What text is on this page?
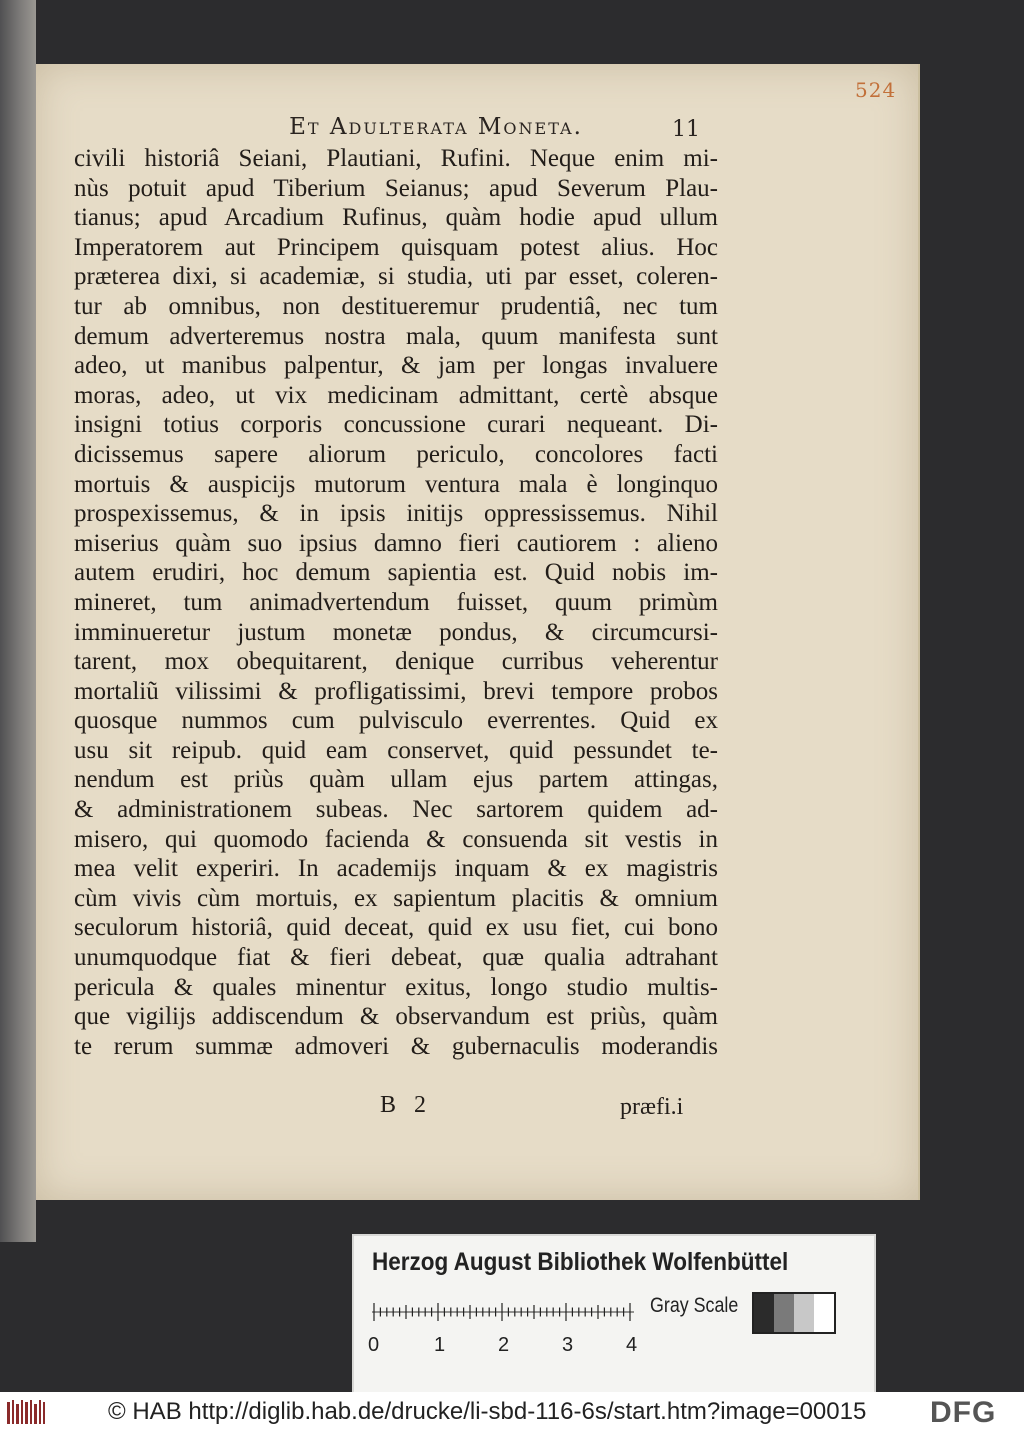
524
Et Adulterata Moneta.	11
civili historiâ Seiani, Plautiani, Rufini. Neque enim mi-
nùs potuit apud Tiberium Seianus; apud Severum Plau-
tianus; apud Arcadium Rufinus, quàm hodie apud ullum
Imperatorem aut Principem quisquam potest alius. Hoc
præterea dixi, si academiæ, si studia, uti par esset, coleren-
tur ab omnibus, non destitueremur prudentiâ, nec tum
demum adverteremus nostra mala, quum manifesta sunt
adeo, ut manibus palpentur, & jam per longas invaluere
moras, adeo, ut vix medicinam admittant, certè absque
insigni totius corporis concussione curari nequeant. Di-
dicissemus sapere aliorum periculo, concolores facti
mortuis & auspicijs mutorum ventura mala è longinquo
prospexissemus, & in ipsis initijs oppressissemus. Nihil
miserius quàm suo ipsius damno fieri cautiorem : alieno
autem erudiri, hoc demum sapientia est. Quid nobis im-
mineret, tum animadvertendum fuisset, quum primùm
imminueretur justum monetæ pondus, & circumcursi-
tarent, mox obequitarent, denique curribus veherentur
mortaliũ vilissimi & profligatissimi, brevi tempore probos
quosque nummos cum pulvisculo everrentes. Quid ex
usu sit reipub. quid eam conservet, quid pessundet te-
nendum est priùs quàm ullam ejus partem attingas,
& administrationem subeas. Nec sartorem quidem ad-
misero, qui quomodo facienda & consuenda sit vestis in
mea velit experiri. In academijs inquam & ex magistris
cùm vivis cùm mortuis, ex sapientum placitis & omnium
seculorum historiâ, quid deceat, quid ex usu fiet, cui bono
unumquodque fiat & fieri debeat, quæ qualia adtrahant
pericula & quales minentur exitus, longo studio multis-
que vigilijs addiscendum & observandum est priùs, quàm
te rerum summæ admoveri & gubernaculis moderandis
B 2	præfi.i
Herzog August Bibliothek Wolfenbüttel
0	1	2	3	4
Gray Scale
© HAB http://diglib.hab.de/drucke/li-sbd-116-6s/start.htm?image=00015 DFG
